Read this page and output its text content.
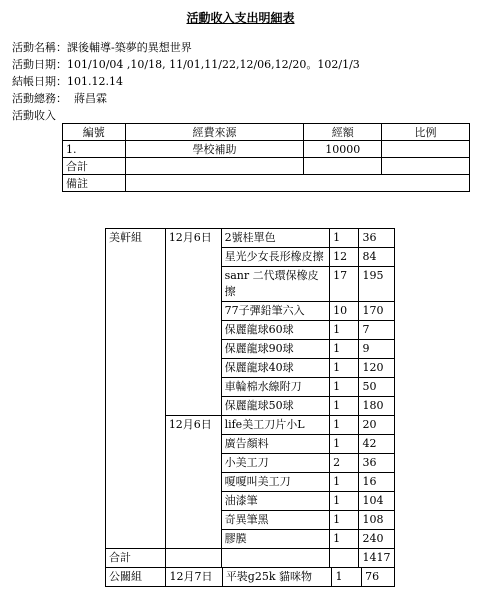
活動收入支出明細表
活動名稱：課後輔導-築夢的異想世界
活動日期：101/10/04 ,10/18, 11/01,11/22,12/06,12/20。102/1/3
結帳日期：101.12.14
活動總務： 蔣昌霖
活動收入
編號	經費來源	經額	比例
1.	學校補助	10000	
合計			
備註			
美軒組	12月6日	2號桂單色	1	36
		星光少女長形橡皮擦	12	84
		sanr 二代環保橡皮擦	17	195
		77子彈鉛筆六入	10	170
		保麗龍球60球	1	7
		保麗龍球90球	1	9
		保麗龍球40球	1	120
		車輪棉水線附刀	1	50
		保麗龍球50球	1	180
	12月6日	life美工刀片小L	1	20
		廣告顏料	1	42
		小美工刀	2	36
		嗄嗄叫美工刀	1	16
		油漆筆	1	104
		奇異筆黑	1	108
		膠膜	1	240
合計				1417
公關組	12月7日	平裝g25k 貓咪物	1	76
